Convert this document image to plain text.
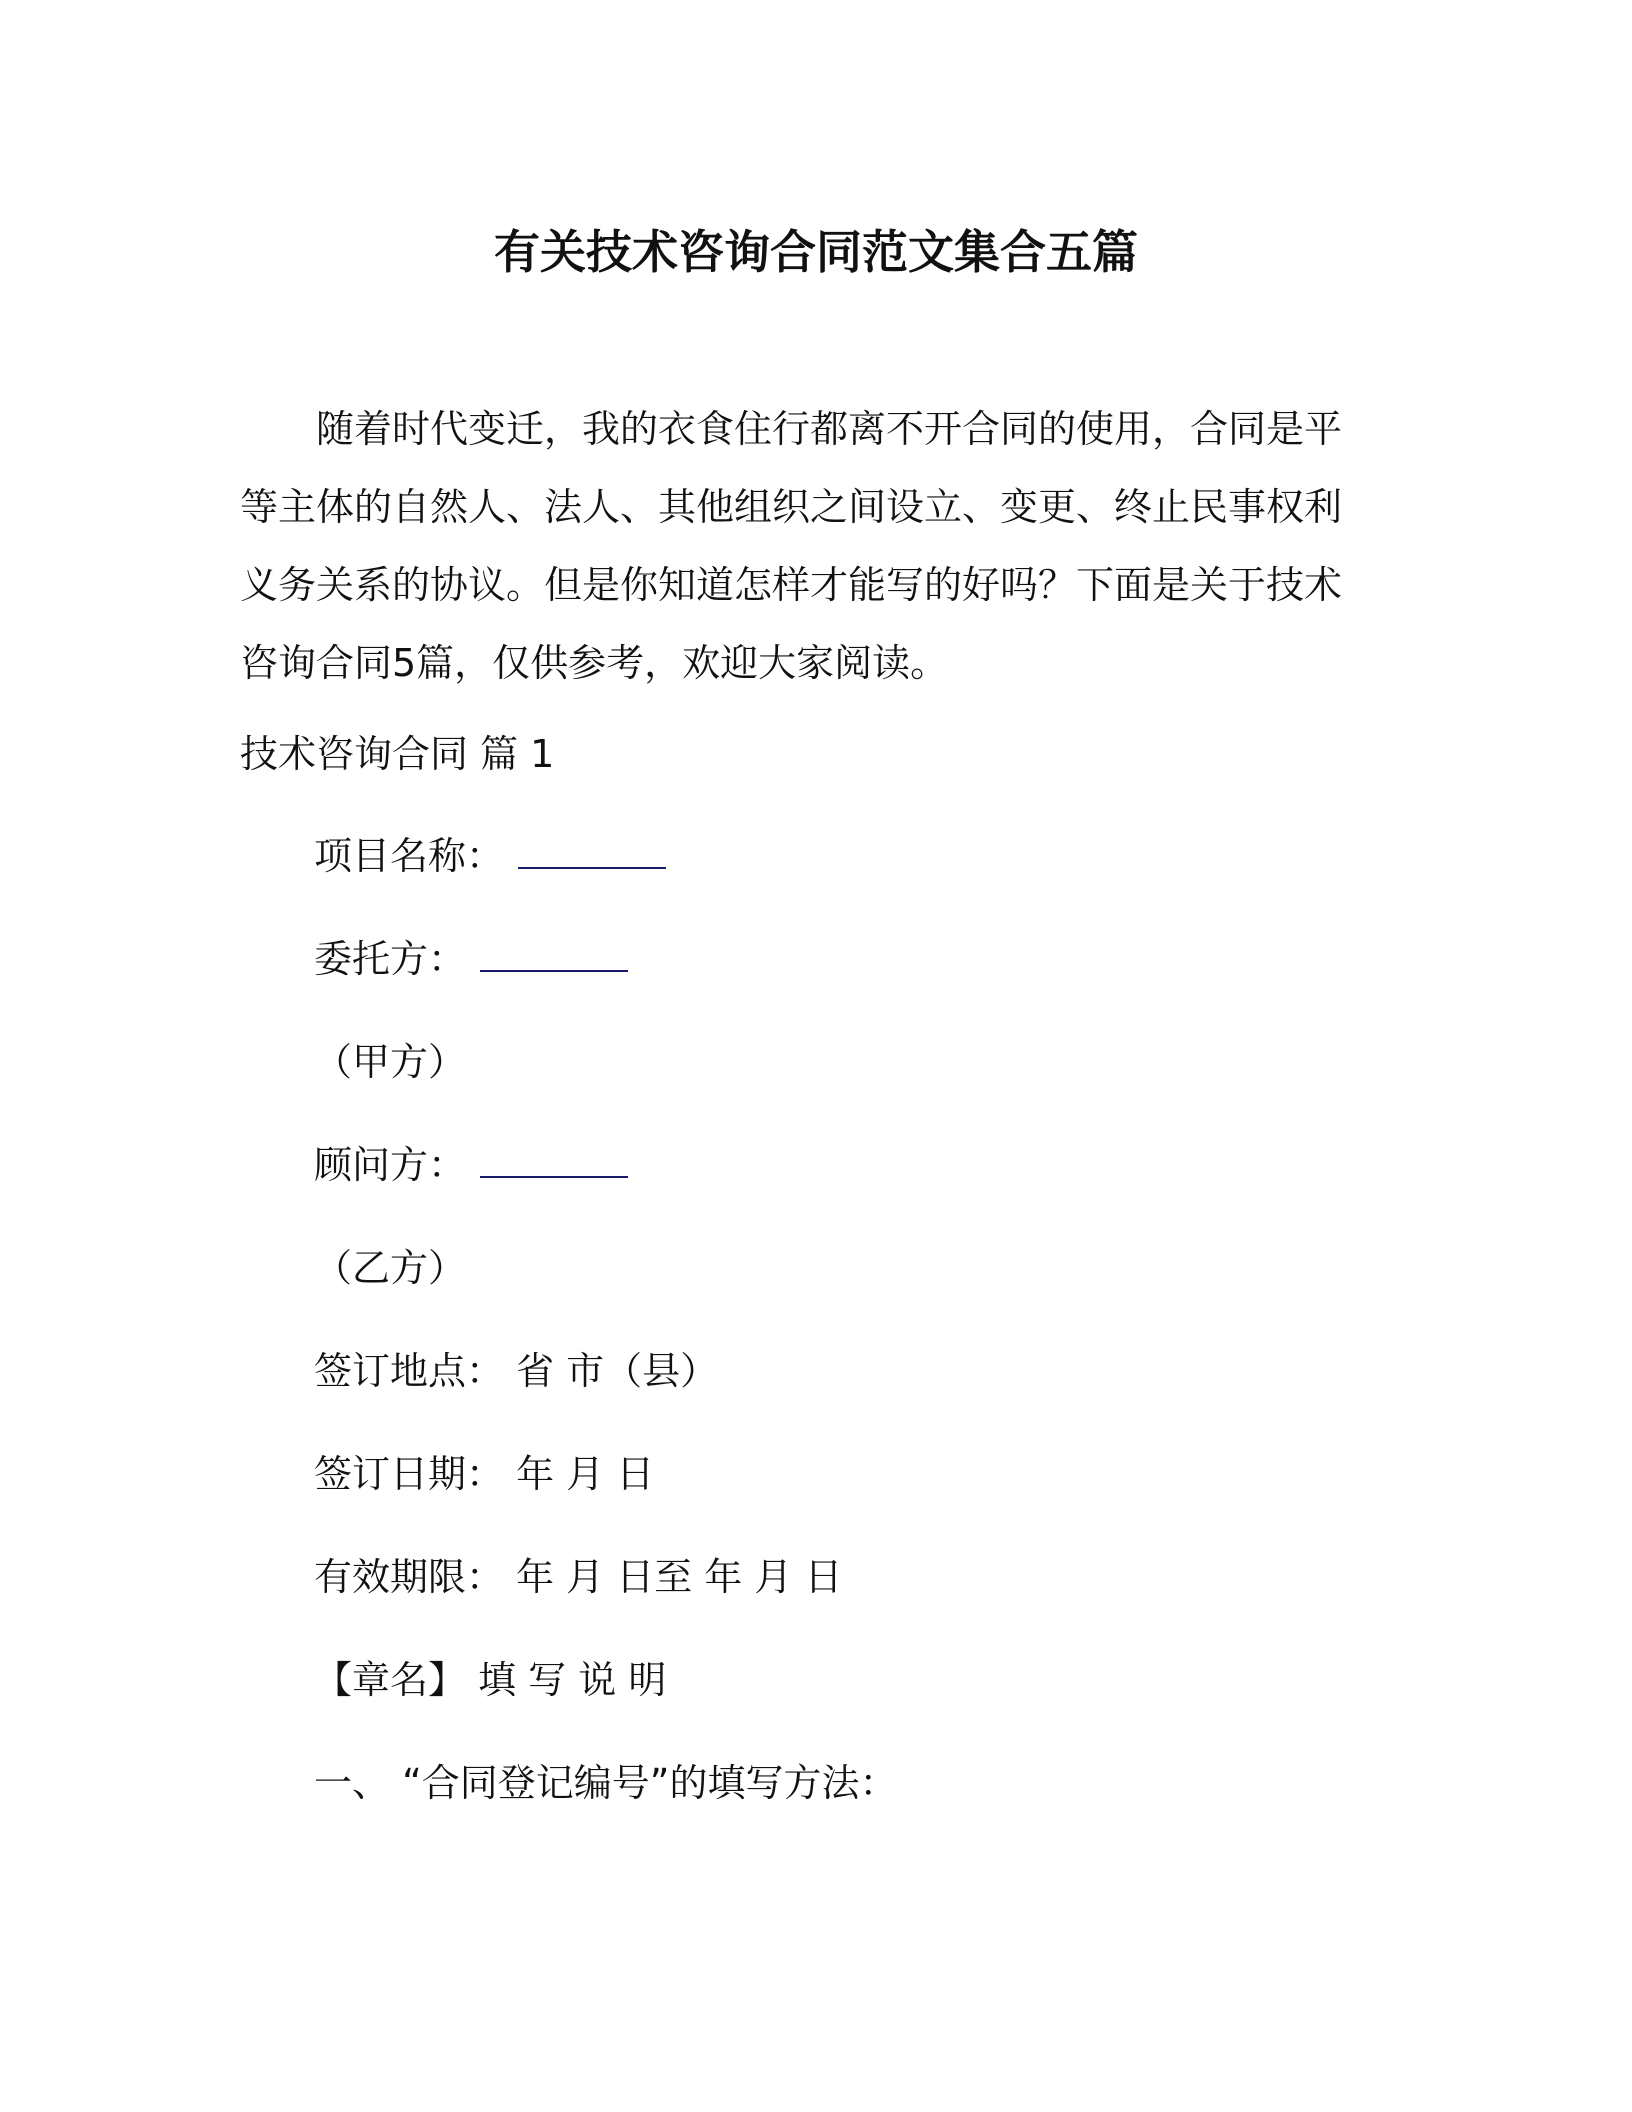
有关技术咨询合同范文集合五篇

随着时代变迁，我的衣食住行都离不开合同的使用，合同是平等主体的自然人、法人、其他组织之间设立、变更、终止民事权利义务关系的协议。但是你知道怎样才能写的好吗？下面是关于技术咨询合同5篇，仅供参考，欢迎大家阅读。

技术咨询合同 篇 1
项目名称：
委托方：
（甲方）
顾问方：
（乙方）
签订地点： 省 市（县）
签订日期： 年 月 日
有效期限： 年 月 日至 年 月 日
【章名】 填 写 说 明
一、 “合同登记编号”的填写方法：
